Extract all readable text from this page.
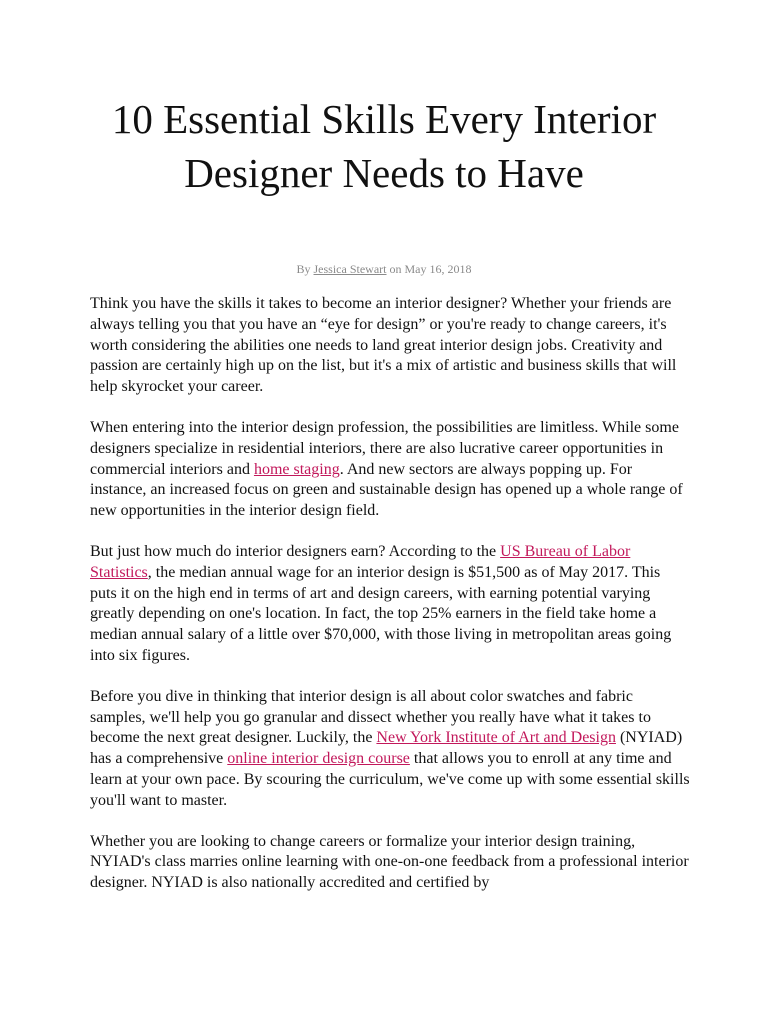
10 Essential Skills Every Interior Designer Needs to Have
By Jessica Stewart on May 16, 2018

Think you have the skills it takes to become an interior designer? Whether your friends are always telling you that you have an “eye for design” or you're ready to change careers, it's worth considering the abilities one needs to land great interior design jobs. Creativity and passion are certainly high up on the list, but it's a mix of artistic and business skills that will help skyrocket your career.

When entering into the interior design profession, the possibilities are limitless. While some designers specialize in residential interiors, there are also lucrative career opportunities in commercial interiors and home staging. And new sectors are always popping up. For instance, an increased focus on green and sustainable design has opened up a whole range of new opportunities in the interior design field.

But just how much do interior designers earn? According to the US Bureau of Labor Statistics, the median annual wage for an interior design is $51,500 as of May 2017. This puts it on the high end in terms of art and design careers, with earning potential varying greatly depending on one's location. In fact, the top 25% earners in the field take home a median annual salary of a little over $70,000, with those living in metropolitan areas going into six figures.

Before you dive in thinking that interior design is all about color swatches and fabric samples, we'll help you go granular and dissect whether you really have what it takes to become the next great designer. Luckily, the New York Institute of Art and Design (NYIAD) has a comprehensive online interior design course that allows you to enroll at any time and learn at your own pace. By scouring the curriculum, we've come up with some essential skills you'll want to master.

Whether you are looking to change careers or formalize your interior design training, NYIAD's class marries online learning with one-on-one feedback from a professional interior designer. NYIAD is also nationally accredited and certified by
